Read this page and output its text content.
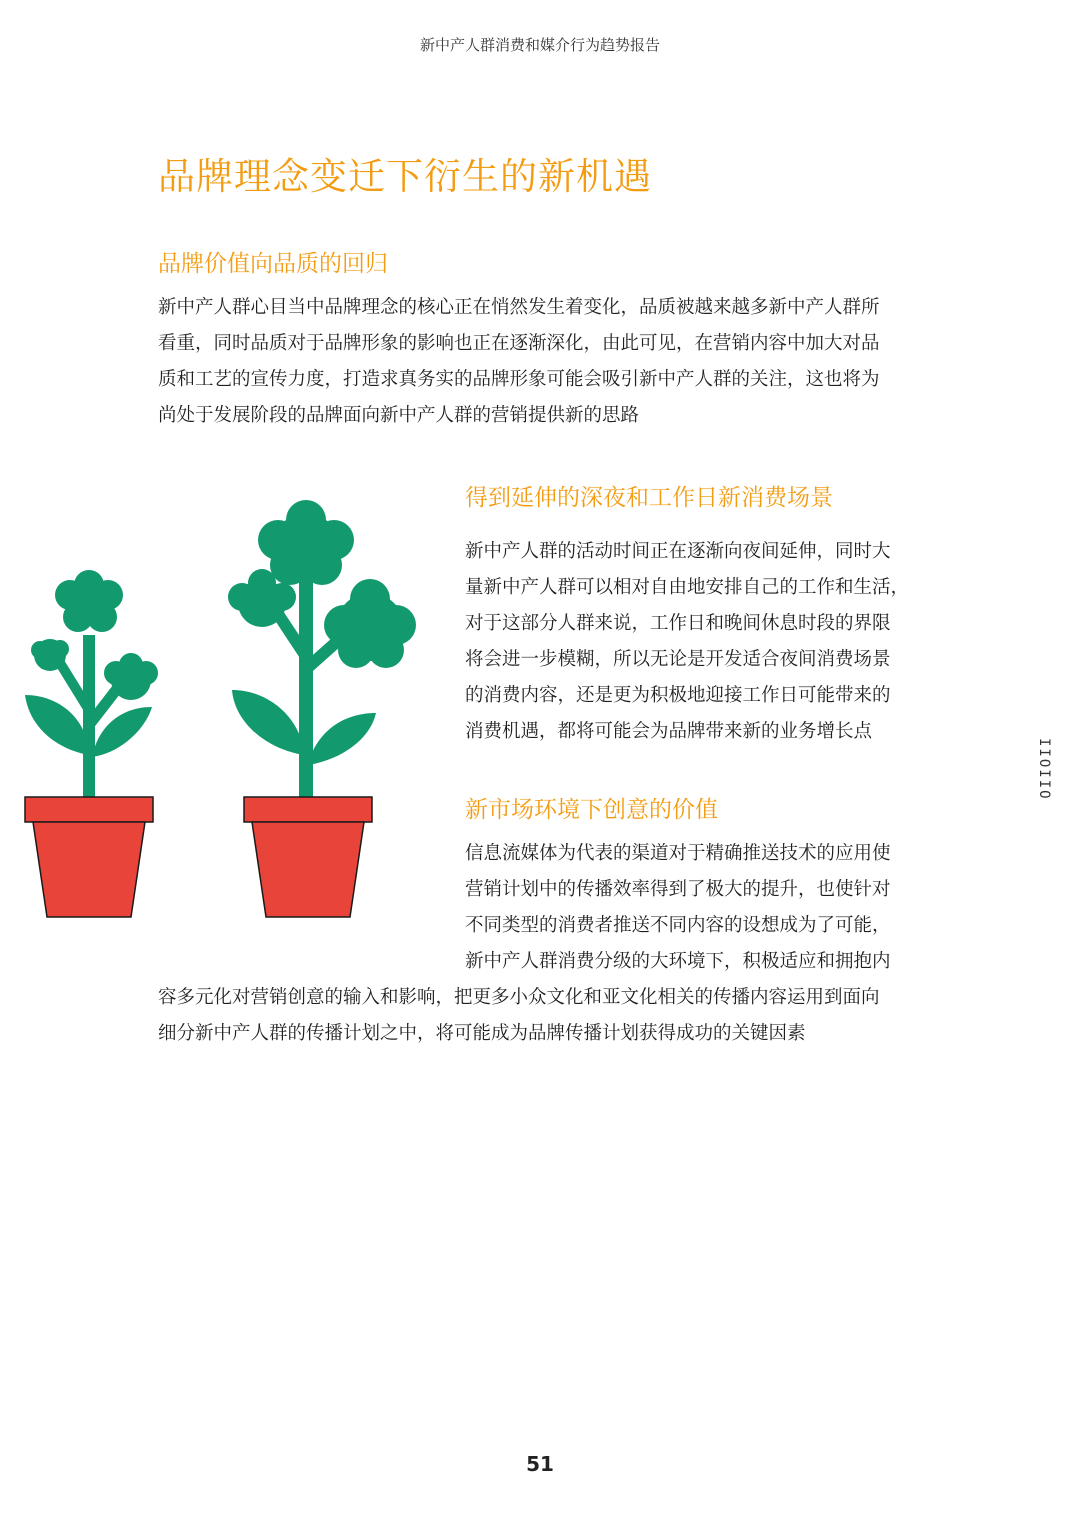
新中产人群消费和媒介行为趋势报告
品牌理念变迁下衍生的新机遇
品牌价值向品质的回归
新中产人群心目当中品牌理念的核心正在悄然发生着变化，品质被越来越多新中产人群所
看重，同时品质对于品牌形象的影响也正在逐渐深化，由此可见，在营销内容中加大对品
质和工艺的宣传力度，打造求真务实的品牌形象可能会吸引新中产人群的关注，这也将为
尚处于发展阶段的品牌面向新中产人群的营销提供新的思路
得到延伸的深夜和工作日新消费场景
新中产人群的活动时间正在逐渐向夜间延伸，同时大
量新中产人群可以相对自由地安排自己的工作和生活，
对于这部分人群来说，工作日和晚间休息时段的界限
将会进一步模糊，所以无论是开发适合夜间消费场景
的消费内容，还是更为积极地迎接工作日可能带来的
消费机遇，都将可能会为品牌带来新的业务增长点
新市场环境下创意的价值
信息流媒体为代表的渠道对于精确推送技术的应用使
营销计划中的传播效率得到了极大的提升，也使针对
不同类型的消费者推送不同内容的设想成为了可能，
新中产人群消费分级的大环境下，积极适应和拥抱内
容多元化对营销创意的输入和影响，把更多小众文化和亚文化相关的传播内容运用到面向
细分新中产人群的传播计划之中，将可能成为品牌传播计划获得成功的关键因素
IIOIIO
51
